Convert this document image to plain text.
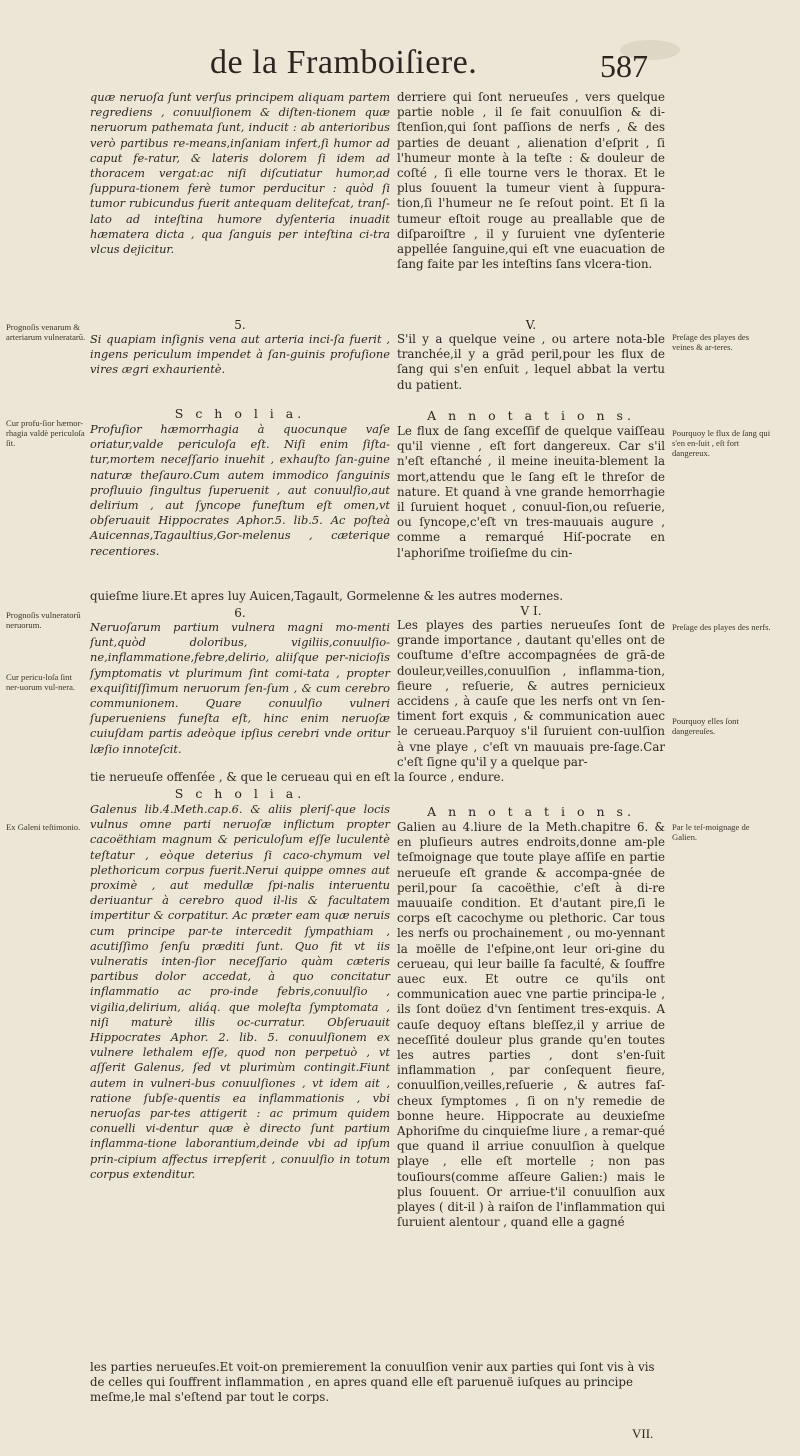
de la Framboiſiere.	587

quæ neruoſa ſunt verſus principem aliquam partem regrediens , conuulſionem & diſten-tionem quæ neruorum pathemata ſunt, inducit : ab anterioribus verò partibus re-means,inſaniam infert,ſi humor ad caput fe-ratur, & lateris dolorem ſi idem ad thoracem vergat:ac niſi diſcutiatur humor,ad ſuppura-tionem ferè tumor perducitur : quòd ſi tumor rubicundus fuerit antequam delitefcat, tranſ-lato ad inteſtina humore dyſenteria inuadit hæmatera dicta , qua ſanguis per inteſtina ci-tra vlcus dejicitur.

5.

Si quapiam inſignis vena aut arteria inci-ſa fuerit , ingens periculum impendet à ſan-guinis profuſione vires ægri exhaurientè.

S c h o l i a.

Profuſior hæmorrhagia à quocunque vaſe oriatur,valde periculoſa eſt. Niſi enim ſiſta-tur,mortem neceſſario inuehit , exhauſto ſan-guine naturæ theſauro.Cum autem immodico ſanguinis profluuio ſingultus ſuperuenit , aut conuulſio,aut delirium , aut ſyncope funeſtum eſt omen,vt obſeruauit Hippocrates Aphor.5. lib.5. Ac poſteà Auicennas,Tagaultius,Gor-melenus , cæterique recentiores.

6.

Neruoſarum partium vulnera magni mo-menti ſunt,quòd doloribus, vigiliis,conuulſio-ne,inflammatione,febre,delirio, aliiſque per-nicioſis ſymptomatis vt plurimum ſint comi-tata , propter exquiſitiſſimum neruorum ſen-ſum , & cum cerebro communionem. Quare conuulſio vulneri ſuperueniens funeſta eſt, hinc enim neruoſæ cuiuſdam partis adeòque ipſius cerebri vnde oritur læſio innoteſcit.

S c h o l i a.

Galenus lib.4.Meth.cap.6. & aliis pleriſ-que locis vulnus omne parti neruoſæ inflictum propter cacoëthiam magnum & periculoſum eſſe luculentè teſtatur , eòque deterius ſi caco-chymum vel plethoricum corpus fuerit.Nerui quippe omnes aut proximè , aut medullæ ſpi-nalis interuentu deriuantur à cerebro quod il-lis & facultatem impertitur & corpatitur. Ac præter eam quæ neruis cum principe par-te intercedit ſympathiam , acutiſſimo ſenſu præditi ſunt. Quo fit vt iis vulneratis inten-ſior neceſſario quàm cæteris partibus dolor accedat, à quo concitatur inflammatio ac pro-inde febris,conuulſio , vigilia,delirium, aliáq. que moleſta ſymptomata , niſi maturè illis oc-curratur. Obſeruauit Hippocrates Aphor. 2. lib. 5. conuulſionem ex vulnere lethalem eſſe, quod non perpetuò , vt aſſerit Galenus, ſed vt plurimùm contingit.Fiunt autem in vulneri-bus conuulſiones , vt idem ait , ratione ſubſe-quentis ea inflammationis , vbi neruoſas par-tes attigerit : ac primum quidem conuelli vi-dentur quæ è directo ſunt partium inflamma-tione laborantium,deinde vbi ad ipſum prin-cipium affectus irrepſerit , conuulſio in totum corpus extenditur.

derriere qui ſont nerueuſes , vers quelque partie noble , il ſe fait conuulſion & di-ſtenſion,qui ſont paſſions de nerfs , & des parties de deuant , alienation d'eſprit , ſi l'humeur monte à la teſte : & douleur de coſté , ſi elle tourne vers le thorax. Et le plus ſouuent la tumeur vient à ſuppura-tion,ſi l'humeur ne ſe reſout point. Et ſi la tumeur eſtoit rouge au preallable que de diſparoiſtre , il y ſuruient vne dyſenterie appellée ſanguine,qui eſt vne euacuation de ſang faite par les inteſtins ſans vlcera-tion.

V.

S'il y a quelque veine , ou artere nota-ble tranchée,il y a grād peril,pour les flux de ſang qui s'en enſuit , lequel abbat la vertu du patient.

A n n o t a t i o n s.

Le flux de ſang exceſſif de quelque vaiſſeau qu'il vienne , eſt fort dangereux. Car s'il n'eſt eſtanché , il meine ineuita-blement la mort,attendu que le ſang eſt le threſor de nature. Et quand à vne grande hemorrhagie il ſuruient hoquet , conuul-ſion,ou reſuerie, ou ſyncope,c'eſt vn tres-mauuais augure , comme a remarqué Hiſ-pocrate en l'aphoriſme troiſieſme du cin-

V I.

Les playes des parties nerueuſes ſont de grande importance , dautant qu'elles ont de couſtume d'eſtre accompagnées de grā-de douleur,veilles,conuulſion , inflamma-tion, fieure , reſuerie, & autres pernicieux accidens , à cauſe que les nerfs ont vn ſen-timent fort exquis , & communication auec le cerueau.Parquoy s'il ſuruient con-uulſion à vne playe , c'eſt vn mauuais pre-ſage.Car c'eſt ſigne qu'il y a quelque par-

A n n o t a t i o n s.

Galien au 4.liure de la Meth.chapitre 6. & en pluſieurs autres endroits,donne am-ple teſmoignage que toute playe aſſiſe en partie nerueuſe eſt grande & accompa-gnée de peril,pour ſa cacoëthie, c'eſt à di-re mauuaiſe condition. Et d'autant pire,ſi le corps eſt cacochyme ou plethoric. Car tous les nerfs ou prochainement , ou mo-yennant la moëlle de l'eſpine,ont leur ori-gine du cerueau, qui leur baille ſa faculté, & ſouffre auec eux. Et outre ce qu'ils ont communication auec vne partie principa-le , ils ſont doüez d'vn ſentiment tres-exquis. A cauſe dequoy eſtans bleſſez,il y arriue de neceſſité douleur plus grande qu'en toutes les autres parties , dont s'en-ſuit inflammation , par conſequent fieure, conuulſion,veilles,reſuerie , & autres faſ-cheux ſymptomes , ſi on n'y remedie de bonne heure. Hippocrate au deuxieſme Aphoriſme du cinquieſme liure , a remar-qué que quand il arriue conuulſion à quelque playe , elle eſt mortelle ; non pas touſiours(comme aſſeure Galien:) mais le plus ſouuent. Or arriue-t'il conuulſion aux playes ( dit-il ) à raiſon de l'inflammation qui ſuruient alentour , quand elle a gagné

quieſme liure.Et apres luy Auicen,Tagault, Gormelenne & les autres modernes.
tie nerueuſe offenſée , & que le cerueau qui en eſt la ſource , endure.
les parties nerueuſes.Et voit-on premierement la conuulſion venir aux parties qui ſont vis à vis de celles qui ſouffrent inflammation , en apres quand elle eſt paruenuë iuſques au principe meſme,le mal s'eſtend par tout le corps.
Prognoſis venarum & arteriarum vulneratarū.
Cur profu-ſior hæmor-rhagia valdè periculoſa ſit.
Prognoſis vulneratorū neruorum.
Cur pericu-loſa ſint ner-uorum vul-nera.
Ex Galeni teſtimonio.
Preſage des playes des veines & ar-teres.
Pourquoy le flux de ſang qui s'en en-ſuit , eſt fort dangereux.
Preſage des playes des nerfs.
Pourquoy elles ſont dangereuſes.
Par le teſ-moignage de Galien.
VII.
